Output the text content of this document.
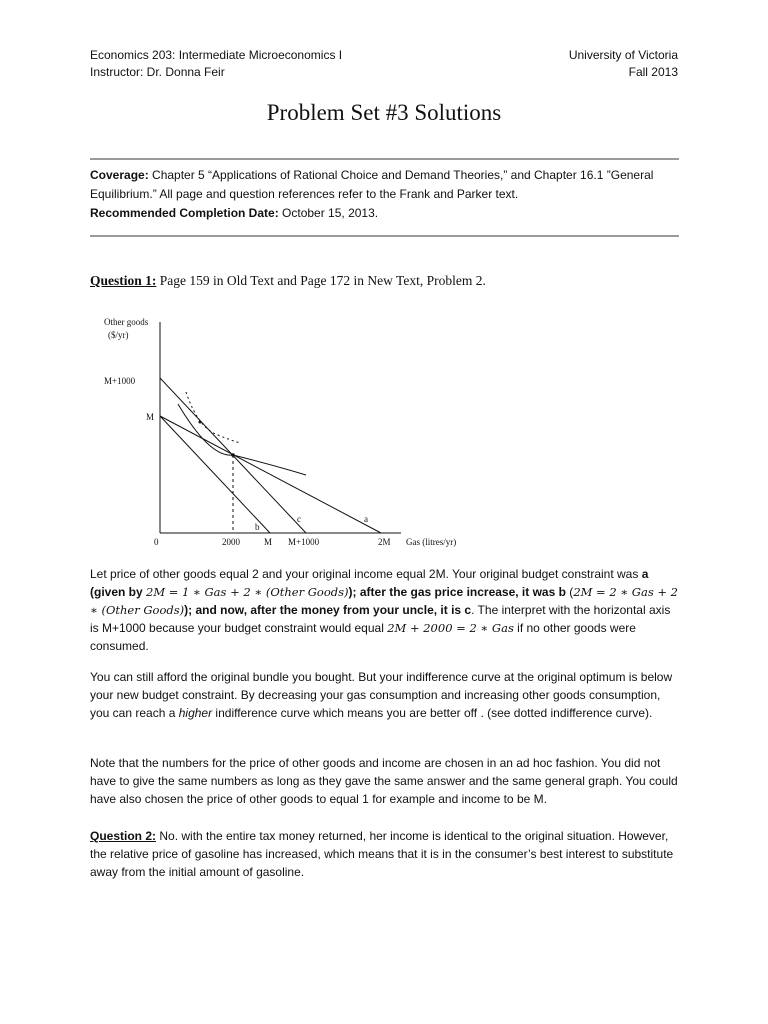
Economics 203: Intermediate Microeconomics I
Instructor: Dr. Donna Feir
University of Victoria
Fall 2013
Problem Set #3 Solutions
Coverage: Chapter 5 “Applications of Rational Choice and Demand Theories,” and Chapter 16.1 ”General Equilibrium.” All page and question references refer to the Frank and Parker text.
Recommended Completion Date: October 15, 2013.
Question 1: Page 159 in Old Text and Page 172 in New Text, Problem 2.
Other goods
($/yr)
Gas (litres/yr)
M+1000
M
0	2000	M M+1000	2M
a
b
c
Let price of other goods equal 2 and your original income equal 2M. Your original budget constraint was a (given by 2M = 1 ∗ Gas + 2 ∗ (Other Goods)); after the gas price increase, it was b (2M = 2 ∗ Gas + 2 ∗ (Other Goods)); and now, after the money from your uncle, it is c. The interpret with the horizontal axis is M+1000 because your budget constraint would equal 2M + 2000 = 2 ∗ Gas if no other goods were consumed.
You can still afford the original bundle you bought. But your indifference curve at the original optimum is below your new budget constraint. By decreasing your gas consumption and increasing other goods consumption, you can reach a higher indifference curve which means you are better off . (see dotted indifference curve).
Note that the numbers for the price of other goods and income are chosen in an ad hoc fashion. You did not have to give the same numbers as long as they gave the same answer and the same general graph. You could have also chosen the price of other goods to equal 1 for example and income to be M.
Question 2: No. with the entire tax money returned, her income is identical to the original situation. However, the relative price of gasoline has increased, which means that it is in the consumer’s best interest to substitute away from the initial amount of gasoline.
